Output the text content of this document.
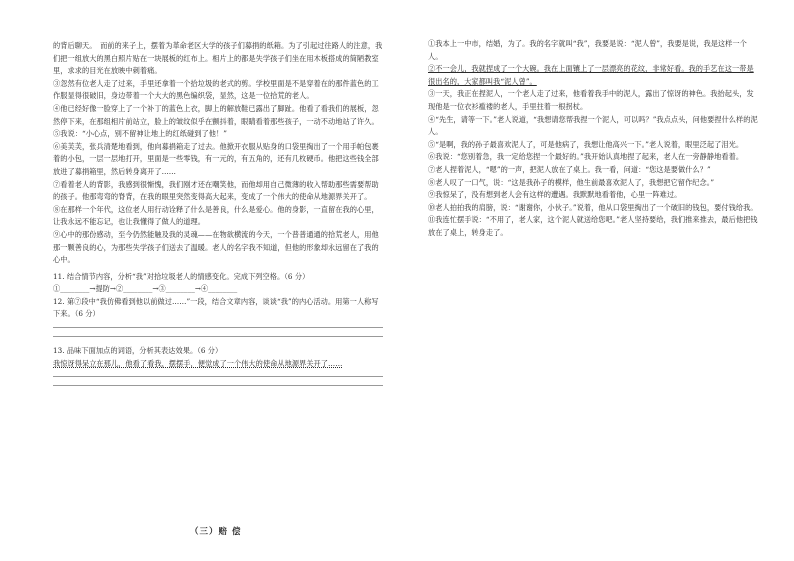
的背后聊天。　而前的来子上，摆着为革命老区大学的孩子们募捐的纸箱。为了引起过往路人的注意，我们把一组放大的黑白照片贴在一块展板的红布上。相片上的都是失学孩子们坐在用木板搭成的简陋教室里，求求的目光在放映中刺着痛。

③忽然有位老人走了过来，手里还拿着一个拾垃圾的老式的剪。学校里面是不是穿着在的那件蓝色的工作服显得很破旧，身边带着一个大大的黑色编织袋，显然，这是一位拾荒的老人。

④他已经好像一脸穿上了一个补丁的蓝色上衣，脚上的解放鞋已露出了脚趾。他看了看我们的展板，忽然停下来，在那组相片前站立，脸上的皱纹似乎在颤抖着，眼睛看着那些孩子，一动不动地站了许久。

⑤我说：“小心点，别不留神让地上的红纸碰到了他！”

⑥美芙芙，张兵清楚地看到，他向募捐箱走了过去。他掀开衣服从贴身的口袋里掏出了一个用手帕包裹着的小包，一层一层地打开，里面是一些零钱，有一元的，有五角的，还有几枚硬币。他把这些钱全部放进了募捐箱里，然后转身离开了……

⑦看着老人的背影，我感到很惭愧，我们刚才还在嘲笑他，而他却用自己微薄的收入帮助那些需要帮助的孩子。他那弯弯的脊背，在我的眼里突然变得高大起来，变成了一个伟大的使命从地源界关开了。

⑧在那样一个年代，这位老人用行动诠释了什么是善良，什么是爱心。他的身影，一直留在我的心里，让我永远不能忘记，也让我懂得了做人的道理。

⑨心中的那份感动，至今仍然能触及我的灵魂——在物欲横流的今天，一个普普通通的拾荒老人，用他那一颗善良的心，为那些失学孩子们送去了温暖。老人的名字我不知道，但他的形象却永远留在了我的心中。

11. 结合情节内容，分析“我”对拾垃圾老人的情感变化。完成下列空格。（6 分）

①________→提防→②________→③________→④________

12. 第⑦段中“我仿佛看到他以前做过……”一段，结合文章内容，谈谈“我”的内心活动。用第一人称写下来。（6 分）

13. 品味下面加点的词语，分析其表达效果。（6 分）

我惊讶得呆立在那儿，他看了看我，摆摆手，便觉成了一个伟大的使命从地源界关开了……

（三）赔 偿

①我本上一中市，结婚，为了。我的名字就叫“我”，我要是说：“泥人曾”，我要是说，我是这样一个人。

②不一会儿，我就捏成了一个大碗。我在上面镶上了一层漂亮的花纹，非常好看。我的手艺在这一带是很出名的，大家都叫我“泥人曾”。

③一天，我正在捏泥人，一个老人走了过来，他看着我手中的泥人，露出了惊讶的神色。我抬起头，发现他是一位衣衫褴褛的老人，手里拄着一根拐杖。

④“先生，请等一下。”老人说道，“我想请您帮我捏一个泥人，可以吗？”我点点头，问他要捏什么样的泥人。

⑤“是啊，我的孙子最喜欢泥人了，可是他病了，我想让他高兴一下。”老人说着，眼里泛起了泪光。

⑥我说：“您别着急，我一定给您捏一个最好的。”我开始认真地捏了起来，老人在一旁静静地看着。

⑦老人捏着泥人，“嗯”的一声，把泥人放在了桌上。我一看，问道：“您这是要做什么？”

⑧老人叹了一口气，说：“这是我孙子的模样，他生前最喜欢泥人了，我想把它留作纪念。”

⑨我惊呆了，没有想到老人会有这样的遭遇。我默默地看着他，心里一阵难过。

⑩老人拍拍我的肩膀，说：“谢谢你，小伙子。”说着，他从口袋里掏出了一个破旧的钱包，要付钱给我。

⑪我连忙摆手说：“不用了，老人家，这个泥人就送给您吧。”老人坚持要给，我们推来推去，最后他把钱放在了桌上，转身走了。
